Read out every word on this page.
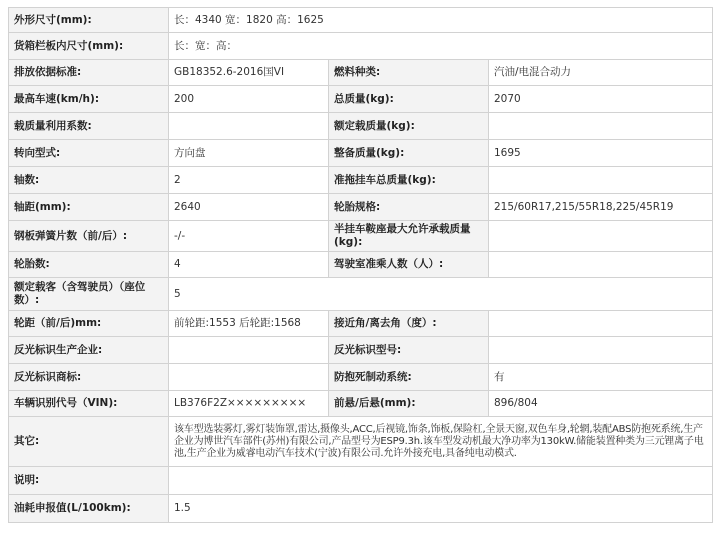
外形尺寸(mm):	长：4340 宽：1820 高：1625		
货箱栏板内尺寸(mm):	长：宽：高：		
排放依据标准:	GB18352.6-2016国VI	燃料种类:	汽油/电混合动力
最高车速(km/h):	200	总质量(kg):	2070
载质量利用系数:		额定载质量(kg):	
转向型式:	方向盘	整备质量(kg):	1695
轴数:	2	准拖挂车总质量(kg):	
轴距(mm):	2640	轮胎规格:	215/60R17,215/55R18,225/45R19
钢板弹簧片数（前/后）:	-/-	半挂车鞍座最大允许承载质量(kg):	
轮胎数:	4	驾驶室准乘人数（人）:	
额定载客（含驾驶员）（座位数）:	5		
轮距（前/后)mm:	前轮距:1553 后轮距:1568	接近角/离去角（度）:	
反光标识生产企业:		反光标识型号:	
反光标识商标:		防抱死制动系统:	有
车辆识别代号（VIN):	LB376F2Z×××××××××	前悬/后悬(mm):	896/804
其它:	该车型选装雾灯,雾灯装饰罩,雷达,摄像头,ACC,后视镜,饰条,饰板,保险杠,全景天窗,双色车身,轮辋,装配ABS防抱死系统,生产企业为博世汽车部件(苏州)有限公司,产品型号为ESP9.3h.该车型发动机最大净功率为130kW.储能装置种类为三元锂离子电池,生产企业为威睿电动汽车技术(宁波)有限公司.允许外接充电,具备纯电动模式.		
说明:			
油耗申报值(L/100km):	1.5		
